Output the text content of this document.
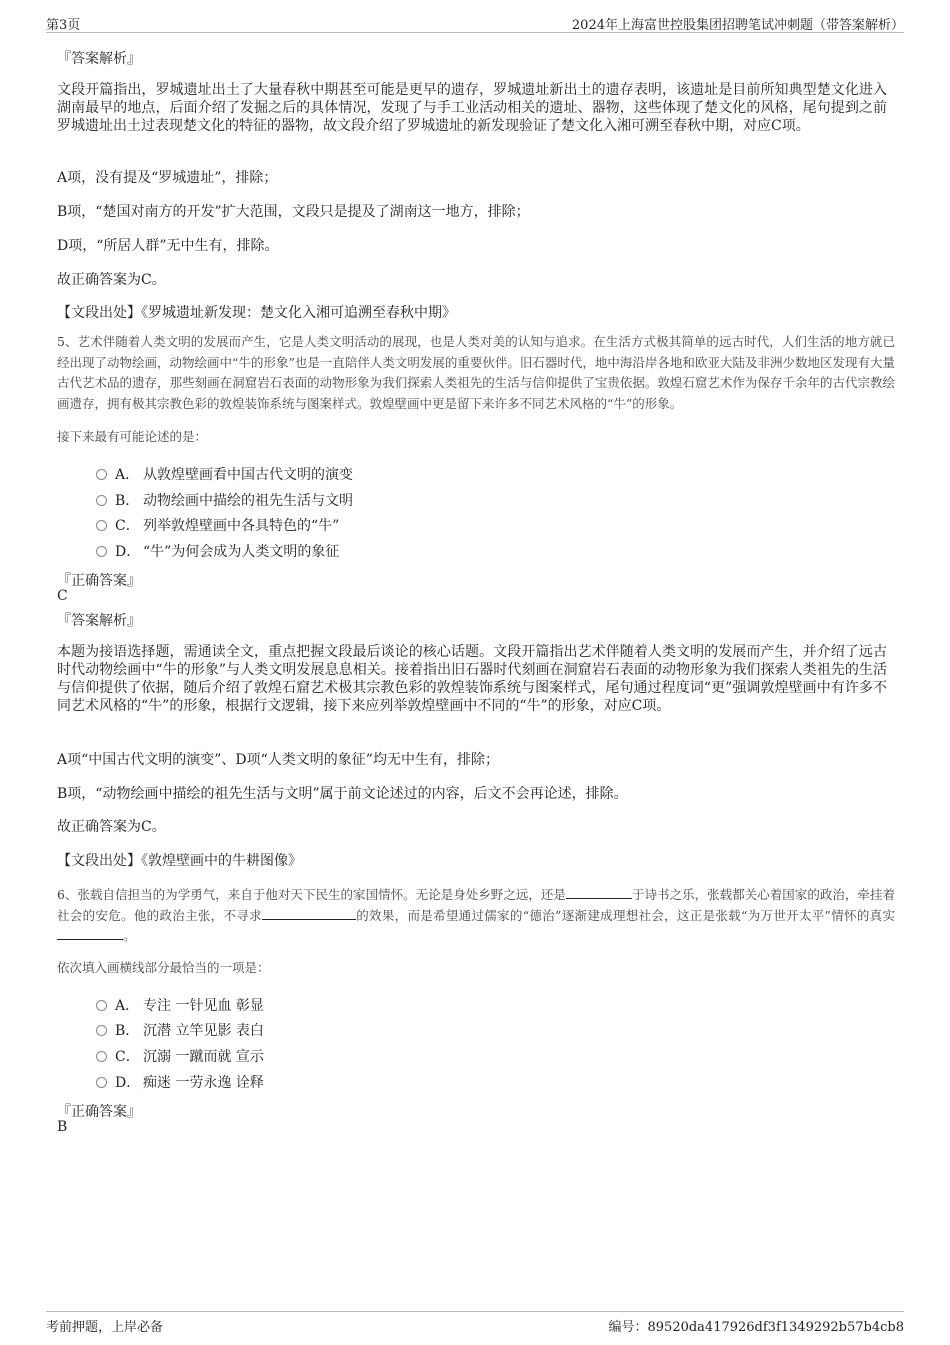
第3页	2024年上海富世控股集团招聘笔试冲刺题（带答案解析）
『答案解析』
文段开篇指出，罗城遗址出土了大量春秋中期甚至可能是更早的遗存，罗城遗址新出土的遗存表明，该遗址是目前所知典型楚文化进入湖南最早的地点，后面介绍了发掘之后的具体情况，发现了与手工业活动相关的遗址、器物，这些体现了楚文化的风格，尾句提到之前罗城遗址出土过表现楚文化的特征的器物，故文段介绍了罗城遗址的新发现验证了楚文化入湘可溯至春秋中期，对应C项。
A项，没有提及“罗城遗址”，排除；
B项，“楚国对南方的开发”扩大范围，文段只是提及了湖南这一地方，排除；
D项，“所居人群”无中生有，排除。
故正确答案为C。
【文段出处】《罗城遗址新发现：楚文化入湘可追溯至春秋中期》
5、艺术伴随着人类文明的发展而产生，它是人类文明活动的展现，也是人类对美的认知与追求。在生活方式极其简单的远古时代，人们生活的地方就已经出现了动物绘画，动物绘画中“牛的形象”也是一直陪伴人类文明发展的重要伙伴。旧石器时代，地中海沿岸各地和欧亚大陆及非洲少数地区发现有大量古代艺术品的遗存，那些刻画在洞窟岩石表面的动物形象为我们探索人类祖先的生活与信仰提供了宝贵依据。敦煌石窟艺术作为保存千余年的古代宗教绘画遗存，拥有极其宗教色彩的敦煌装饰系统与图案样式。敦煌壁画中更是留下来许多不同艺术风格的“牛”的形象。
接下来最有可能论述的是：
A． 从敦煌壁画看中国古代文明的演变
B． 动物绘画中描绘的祖先生活与文明
C． 列举敦煌壁画中各具特色的“牛”
D． “牛”为何会成为人类文明的象征
『正确答案』
C
『答案解析』
本题为接语选择题，需通读全文，重点把握文段最后谈论的核心话题。文段开篇指出艺术伴随着人类文明的发展而产生，并介绍了远古时代动物绘画中“牛的形象”与人类文明发展息息相关。接着指出旧石器时代刻画在洞窟岩石表面的动物形象为我们探索人类祖先的生活与信仰提供了依据，随后介绍了敦煌石窟艺术极其宗教色彩的敦煌装饰系统与图案样式，尾句通过程度词“更”强调敦煌壁画中有许多不同艺术风格的“牛”的形象，根据行文逻辑，接下来应列举敦煌壁画中不同的“牛”的形象，对应C项。
A项“中国古代文明的演变”、D项“人类文明的象征”均无中生有，排除；
B项，“动物绘画中描绘的祖先生活与文明”属于前文论述过的内容，后文不会再论述，排除。
故正确答案为C。
【文段出处】《敦煌壁画中的牛耕图像》
6、张载自信担当的为学勇气，来自于他对天下民生的家国情怀。无论是身处乡野之远，还是	于诗书之乐，张载都关心着国家的政治，牵挂着社会的安危。他的政治主张，不寻求	的效果，而是希望通过儒家的“德治”逐渐建成理想社会，这正是张载“为万世开太平”情怀的真实。
依次填入画横线部分最恰当的一项是：
A． 专注 一针见血 彰显
B． 沉潜 立竿见影 表白
C． 沉溺 一蹴而就 宣示
D． 痴迷 一劳永逸 诠释
『正确答案』
B
考前押题，上岸必备	编号：89520da417926df3f1349292b57b4cb8
